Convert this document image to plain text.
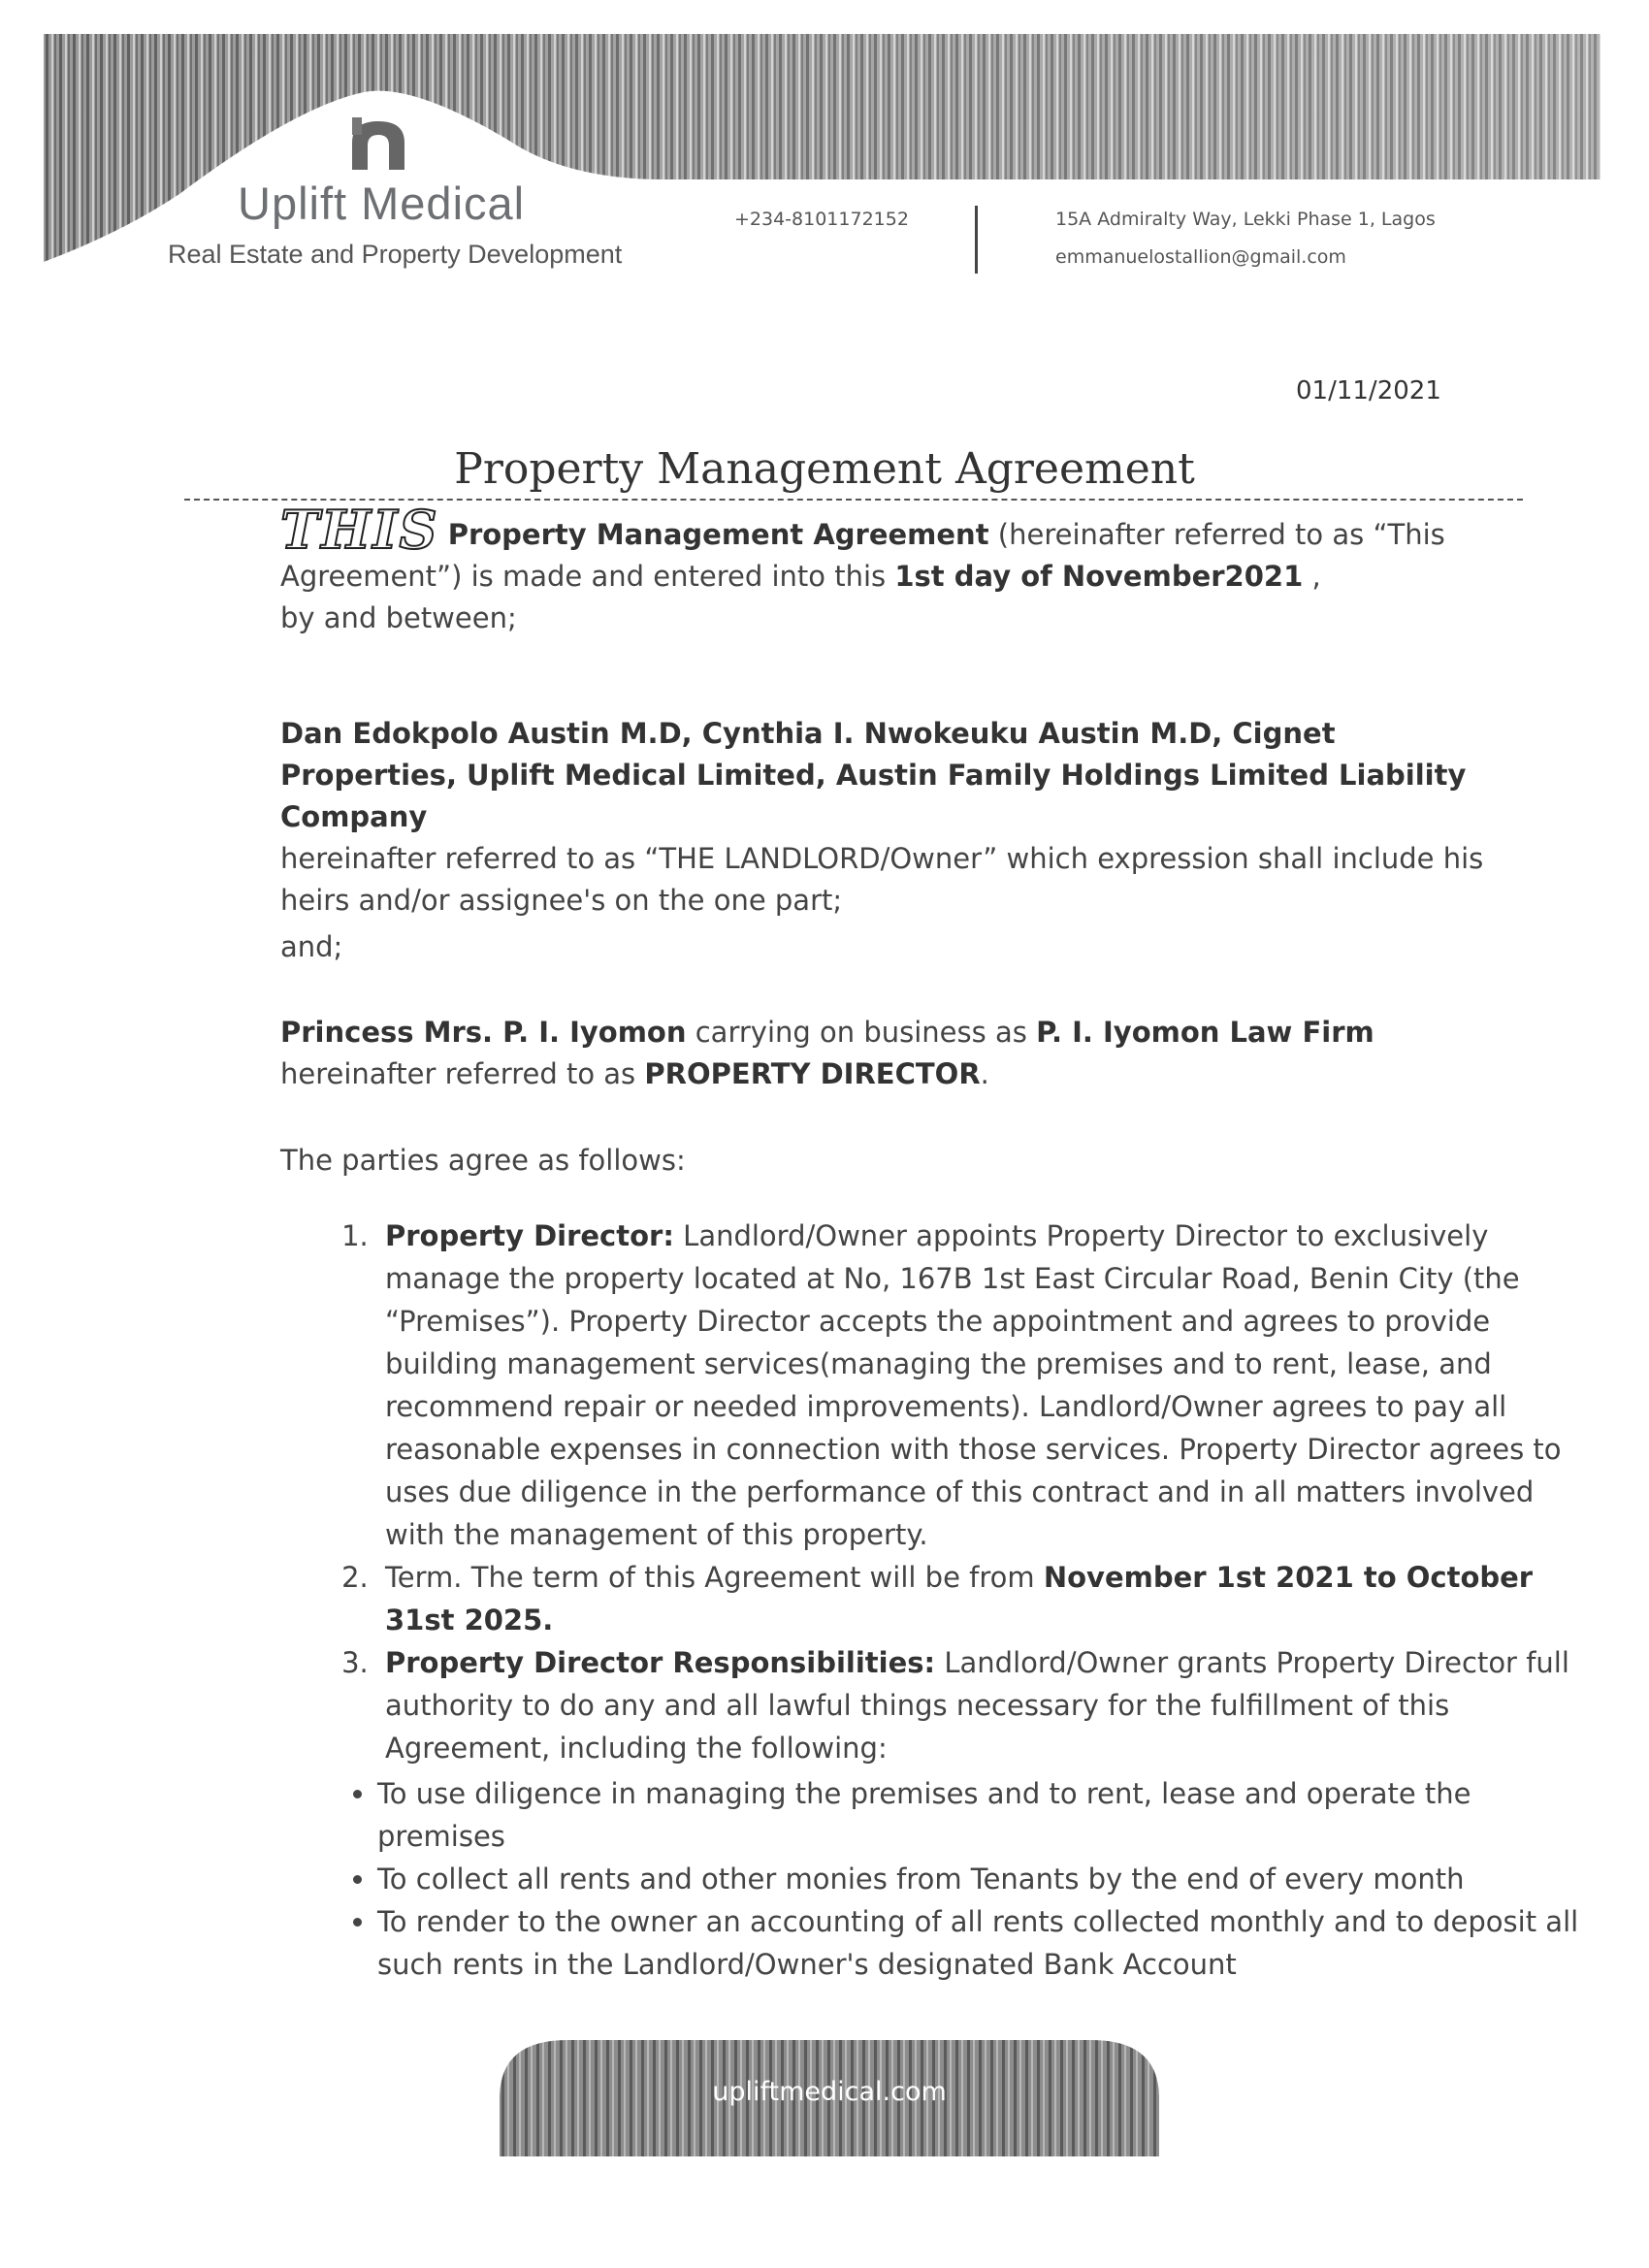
Uplift Medical
Real Estate and Property Development
+234-8101172152	15A Admiralty Way, Lekki Phase 1, Lagos
emmanuelostallion@gmail.com
01/11/2021
Property Management Agreement
THIS Property Management Agreement (hereinafter referred to as “This Agreement”) is made and entered into this 1st day of November2021 ,
by and between;
Dan Edokpolo Austin M.D, Cynthia I. Nwokeuku Austin M.D, Cignet Properties, Uplift Medical Limited, Austin Family Holdings Limited Liability Company
hereinafter referred to as “THE LANDLORD/Owner” which expression shall include his heirs and/or assignee's on the one part;
and;
Princess Mrs. P. I. Iyomon carrying on business as P. I. Iyomon Law Firm hereinafter referred to as PROPERTY DIRECTOR.
The parties agree as follows:
1. Property Director: Landlord/Owner appoints Property Director to exclusively manage the property located at No, 167B 1st East Circular Road, Benin City (the “Premises”). Property Director accepts the appointment and agrees to provide building management services(managing the premises and to rent, lease, and recommend repair or needed improvements). Landlord/Owner agrees to pay all reasonable expenses in connection with those services. Property Director agrees to uses due diligence in the performance of this contract and in all matters involved with the management of this property.
2. Term. The term of this Agreement will be from November 1st 2021 to October 31st 2025.
3. Property Director Responsibilities: Landlord/Owner grants Property Director full authority to do any and all lawful things necessary for the fulfillment of this Agreement, including the following:
• To use diligence in managing the premises and to rent, lease and operate the premises
• To collect all rents and other monies from Tenants by the end of every month
• To render to the owner an accounting of all rents collected monthly and to deposit all such rents in the Landlord/Owner's designated Bank Account
upliftmedical.com
